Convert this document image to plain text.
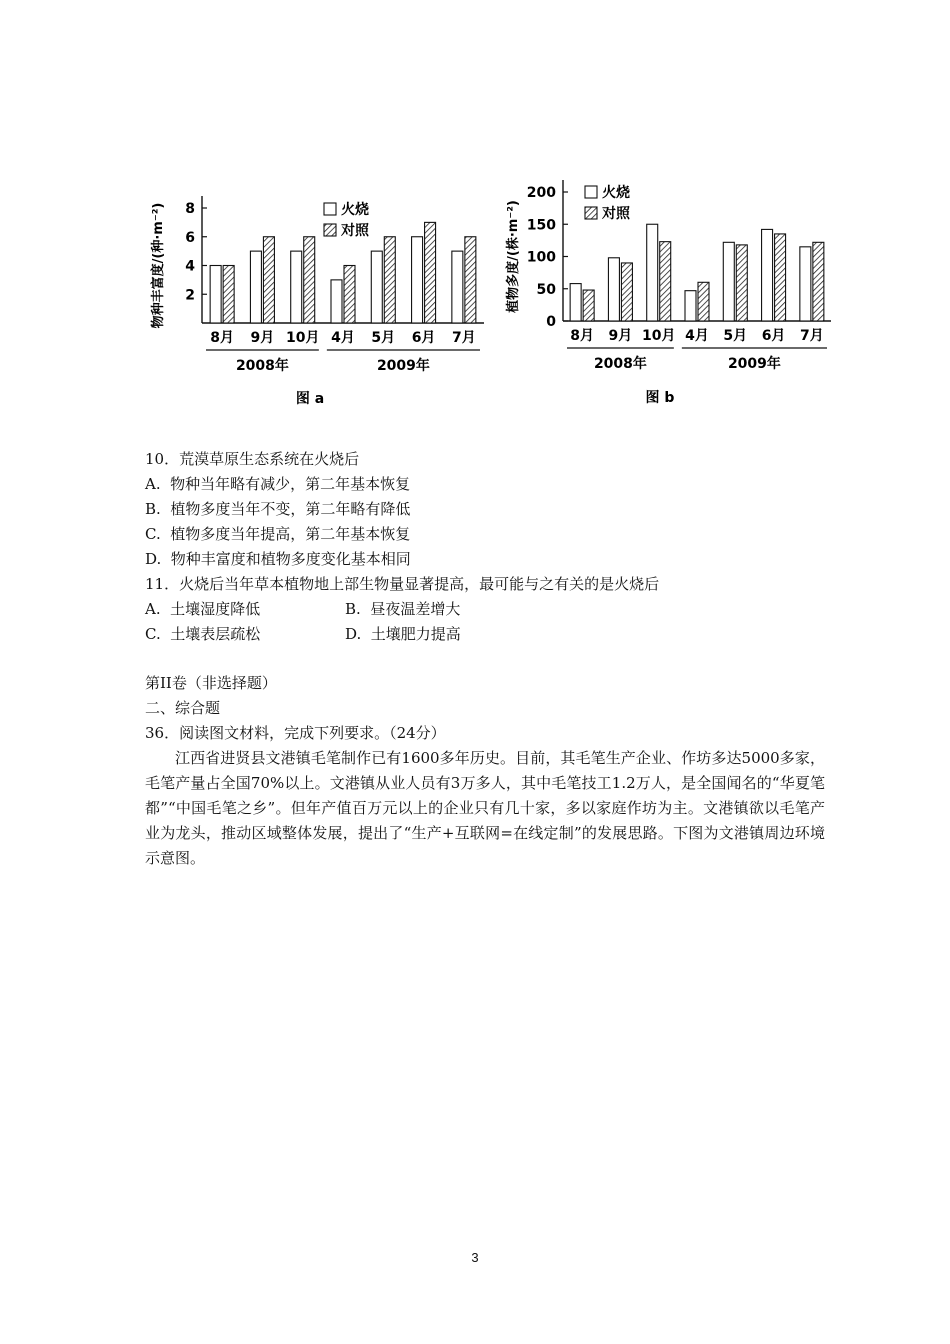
2
4
6
8
物种丰富度/(种·m⁻²)
8月 9月 10月 4月 5月 6月 7月
2008年	2009年
火烧
对照
图 a
0
50
100
150
200
植物多度/(株·m⁻²)
8月 9月 10月 4月 5月 6月 7月
2008年	2009年
火烧
对照
图 b
10．荒漠草原生态系统在火烧后
A.  物种当年略有减少，第二年基本恢复
B.  植物多度当年不变，第二年略有降低
C.  植物多度当年提高，第二年基本恢复
D.  物种丰富度和植物多度变化基本相同
11．火烧后当年草本植物地上部生物量显著提高，最可能与之有关的是火烧后
A.  土壤湿度降低	B.  昼夜温差增大
C.  土壤表层疏松	D.  土壤肥力提高
第II卷（非选择题）
二、综合题
36．阅读图文材料，完成下列要求。（24分）
江西省进贤县文港镇毛笔制作已有1600多年历史。目前，其毛笔生产企业、作坊多达5000多家，毛笔产量占全国70%以上。文港镇从业人员有3万多人，其中毛笔技工1.2万人，是全国闻名的“华夏笔都”“中国毛笔之乡”。但年产值百万元以上的企业只有几十家，多以家庭作坊为主。文港镇欲以毛笔产业为龙头，推动区域整体发展，提出了“生产+互联网=在线定制”的发展思路。下图为文港镇周边环境示意图。
3
